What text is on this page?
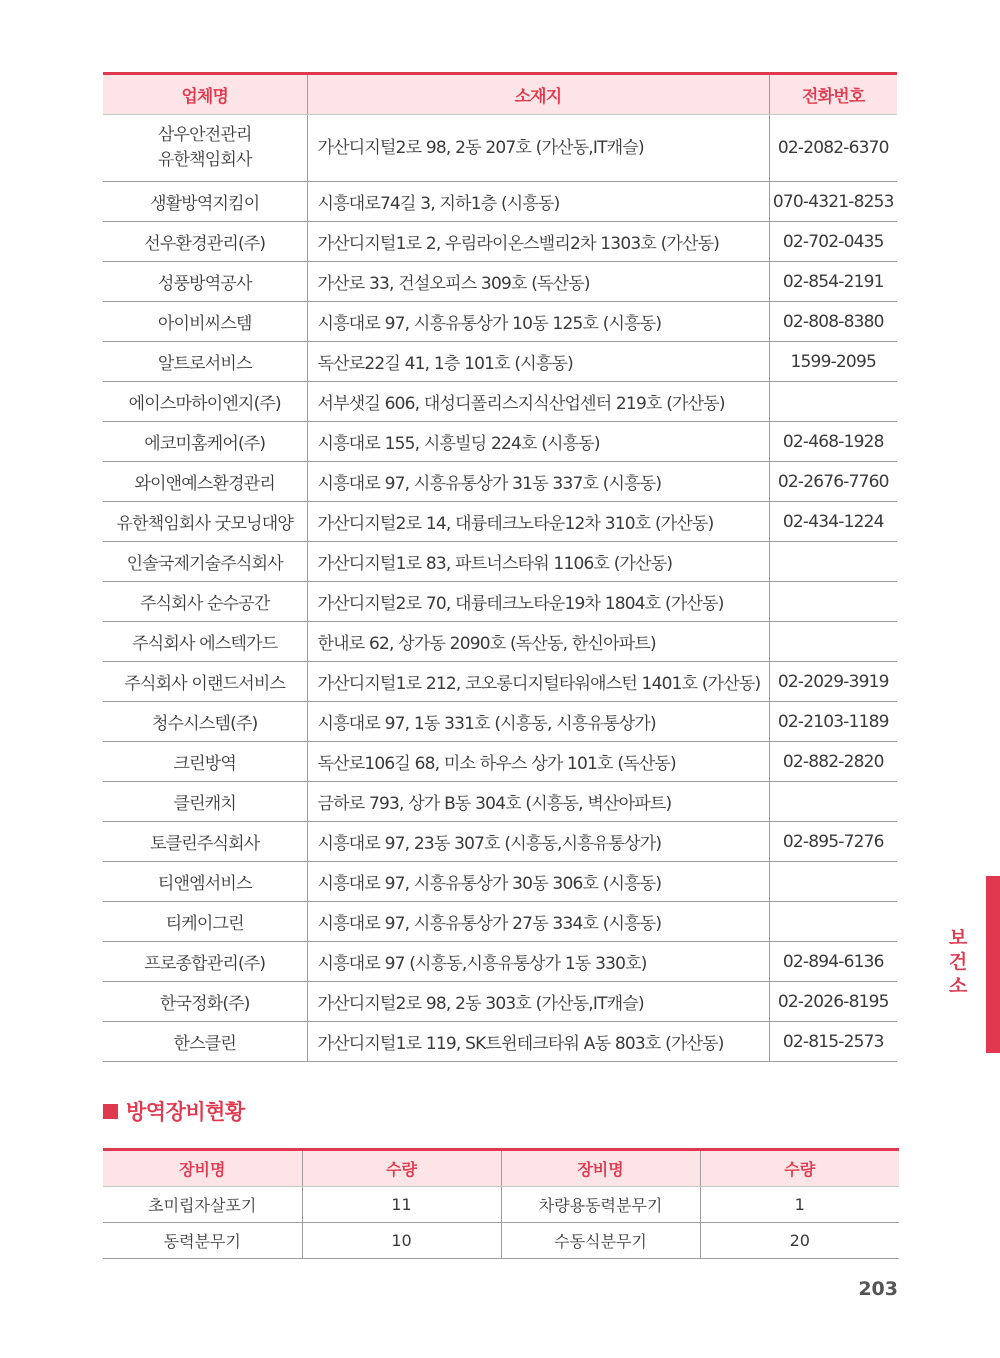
업체명	소재지	전화번호
삼우안전관리
유한책임회사	가산디지털2로 98, 2동 207호 (가산동,IT캐슬)	02-2082-6370
생활방역지킴이	시흥대로74길 3, 지하1층 (시흥동)	070-4321-8253
선우환경관리(주)	가산디지털1로 2, 우림라이온스밸리2차 1303호 (가산동)	02-702-0435
성풍방역공사	가산로 33, 건설오피스 309호 (독산동)	02-854-2191
아이비씨스템	시흥대로 97, 시흥유통상가 10동 125호 (시흥동)	02-808-8380
알트로서비스	독산로22길 41, 1층 101호 (시흥동)	1599-2095
에이스마하이엔지(주)	서부샛길 606, 대성디폴리스지식산업센터 219호 (가산동)	
에코미홈케어(주)	시흥대로 155, 시흥빌딩 224호 (시흥동)	02-468-1928
와이앤예스환경관리	시흥대로 97, 시흥유통상가 31동 337호 (시흥동)	02-2676-7760
유한책임회사 굿모닝대양	가산디지털2로 14, 대륭테크노타운12차 310호 (가산동)	02-434-1224
인솔국제기술주식회사	가산디지털1로 83, 파트너스타워 1106호 (가산동)	
주식회사 순수공간	가산디지털2로 70, 대륭테크노타운19차 1804호 (가산동)	
주식회사 에스텍가드	한내로 62, 상가동 2090호 (독산동, 한신아파트)	
주식회사 이랜드서비스	가산디지털1로 212, 코오롱디지털타워애스턴 1401호 (가산동)	02-2029-3919
청수시스템(주)	시흥대로 97, 1동 331호 (시흥동, 시흥유통상가)	02-2103-1189
크린방역	독산로106길 68, 미소 하우스 상가 101호 (독산동)	02-882-2820
클린캐치	금하로 793, 상가 B동 304호 (시흥동, 벽산아파트)	
토클린주식회사	시흥대로 97, 23동 307호 (시흥동,시흥유통상가)	02-895-7276
티앤엠서비스	시흥대로 97, 시흥유통상가 30동 306호 (시흥동)	
티케이그린	시흥대로 97, 시흥유통상가 27동 334호 (시흥동)	
프로종합관리(주)	시흥대로 97 (시흥동,시흥유통상가 1동 330호)	02-894-6136
한국정화(주)	가산디지털2로 98, 2동 303호 (가산동,IT캐슬)	02-2026-8195
한스클린	가산디지털1로 119, SK트윈테크타워 A동 803호 (가산동)	02-815-2573
방역장비현황
장비명	수량	장비명	수량
초미립자살포기	11	차량용동력분무기	1
동력분무기	10	수동식분무기	20
보건소
203
